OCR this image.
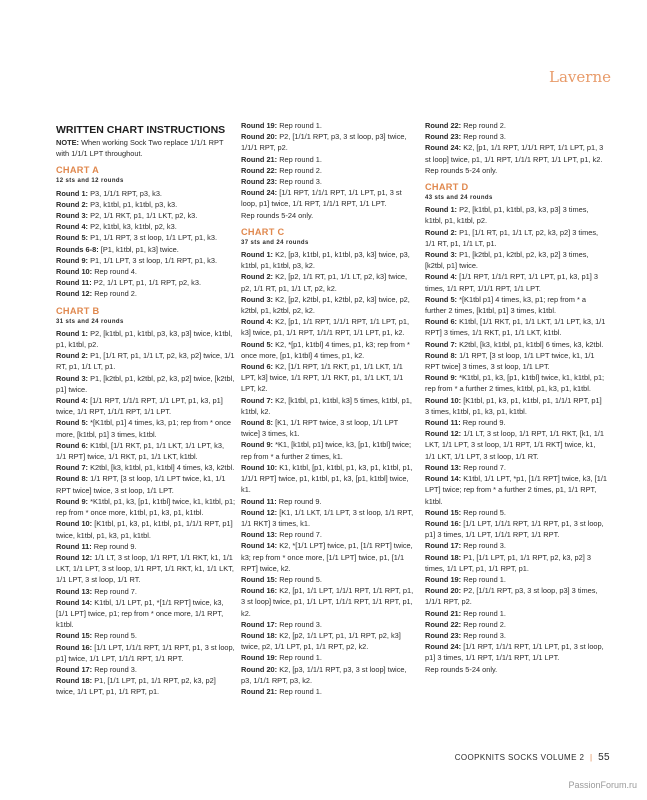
Laverne
WRITTEN CHART INSTRUCTIONS
NOTE: When working Sock Two replace 1/1/1 RPT with 1/1/1 LPT throughout.
CHART A
12 sts and 12 rounds
Round 1: P3, 1/1/1 RPT, p3, k3.
Round 2: P3, k1tbl, p1, k1tbl, p3, k3.
Round 3: P2, 1/1 RKT, p1, 1/1 LKT, p2, k3.
Round 4: P2, k1tbl, k3, k1tbl, p2, k3.
Round 5: P1, 1/1 RPT, 3 st loop, 1/1 LPT, p1, k3.
Rounds 6-8: [P1, k1tbl, p1, k3] twice.
Round 9: P1, 1/1 LPT, 3 st loop, 1/1 RPT, p1, k3.
Round 10: Rep round 4.
Round 11: P2, 1/1 LPT, p1, 1/1 RPT, p2, k3.
Round 12: Rep round 2.
CHART B
31 sts and 24 rounds
Round 1: P2, [k1tbl, p1, k1tbl, p3, k3, p3] twice, k1tbl, p1, k1tbl, p2.
Round 2: P1, [1/1 RT, p1, 1/1 LT, p2, k3, p2] twice, 1/1 RT, p1, 1/1 LT, p1.
Round 3: P1, [k2tbl, p1, k2tbl, p2, k3, p2] twice, [k2tbl, p1] twice.
Round 4: [1/1 RPT, 1/1/1 RPT, 1/1 LPT, p1, k3, p1] twice, 1/1 RPT, 1/1/1 RPT, 1/1 LPT.
Round 5: *[K1tbl, p1] 4 times, k3, p1; rep from * once more, [k1tbl, p1] 3 times, k1tbl.
Round 6: K1tbl, [1/1 RKT, p1, 1/1 LKT, 1/1 LPT, k3, 1/1 RPT] twice, 1/1 RKT, p1, 1/1 LKT, k1tbl.
Round 7: K2tbl, [k3, k1tbl, p1, k1tbl] 4 times, k3, k2tbl.
Round 8: 1/1 RPT, [3 st loop, 1/1 LPT twice, k1, 1/1 RPT twice] twice, 3 st loop, 1/1 LPT.
Round 9: *K1tbl, p1, k3, [p1, k1tbl] twice, k1, k1tbl, p1; rep from * once more, k1tbl, p1, k3, p1, k1tbl.
Round 10: [K1tbl, p1, k3, p1, k1tbl, p1, 1/1/1 RPT, p1] twice, k1tbl, p1, k3, p1, k1tbl.
Round 11: Rep round 9.
Round 12: 1/1 LT, 3 st loop, 1/1 RPT, 1/1 RKT, k1, 1/1 LKT, 1/1 LPT, 3 st loop, 1/1 RPT, 1/1 RKT, k1, 1/1 LKT, 1/1 LPT, 3 st loop, 1/1 RT.
Round 13: Rep round 7.
Round 14: K1tbl, 1/1 LPT, p1, *[1/1 RPT] twice, k3, [1/1 LPT] twice, p1; rep from * once more, 1/1 RPT, k1tbl.
Round 15: Rep round 5.
Round 16: [1/1 LPT, 1/1/1 RPT, 1/1 RPT, p1, 3 st loop, p1] twice, 1/1 LPT, 1/1/1 RPT, 1/1 RPT.
Round 17: Rep round 3.
Round 18: P1, [1/1 LPT, p1, 1/1 RPT, p2, k3, p2] twice, 1/1 LPT, p1, 1/1 RPT, p1.
Round 19: Rep round 1.
Round 20: P2, [1/1/1 RPT, p3, 3 st loop, p3] twice, 1/1/1 RPT, p2.
Round 21: Rep round 1.
Round 22: Rep round 2.
Round 23: Rep round 3.
Round 24: [1/1 RPT, 1/1/1 RPT, 1/1 LPT, p1, 3 st loop, p1] twice, 1/1 RPT, 1/1/1 RPT, 1/1 LPT.
Rep rounds 5-24 only.
CHART C
37 sts and 24 rounds
Round 1: K2, [p3, k1tbl, p1, k1tbl, p3, k3] twice, p3, k1tbl, p1, k1tbl, p3, k2.
Round 2: K2, [p2, 1/1 RT, p1, 1/1 LT, p2, k3] twice, p2, 1/1 RT, p1, 1/1 LT, p2, k2.
Round 3: K2, [p2, k2tbl, p1, k2tbl, p2, k3] twice, p2, k2tbl, p1, k2tbl, p2, k2.
Round 4: K2, [p1, 1/1 RPT, 1/1/1 RPT, 1/1 LPT, p1, k3] twice, p1, 1/1 RPT, 1/1/1 RPT, 1/1 LPT, p1, k2.
Round 5: K2, *[p1, k1tbl] 4 times, p1, k3; rep from * once more, [p1, k1tbl] 4 times, p1, k2.
Round 6: K2, [1/1 RPT, 1/1 RKT, p1, 1/1 LKT, 1/1 LPT, k3] twice, 1/1 RPT, 1/1 RKT, p1, 1/1 LKT, 1/1 LPT, k2.
Round 7: K2, [k1tbl, p1, k1tbl, k3] 5 times, k1tbl, p1, k1tbl, k2.
Round 8: [K1, 1/1 RPT twice, 3 st loop, 1/1 LPT twice] 3 times, k1.
Round 9: *K1, [k1tbl, p1] twice, k3, [p1, k1tbl] twice; rep from * a further 2 times, k1.
Round 10: K1, k1tbl, [p1, k1tbl, p1, k3, p1, k1tbl, p1, 1/1/1 RPT] twice, p1, k1tbl, p1, k3, [p1, k1tbl] twice, k1.
Round 11: Rep round 9.
Round 12: [K1, 1/1 LKT, 1/1 LPT, 3 st loop, 1/1 RPT, 1/1 RKT] 3 times, k1.
Round 13: Rep round 7.
Round 14: K2, *[1/1 LPT] twice, p1, [1/1 RPT] twice, k3; rep from * once more, [1/1 LPT] twice, p1, [1/1 RPT] twice, k2.
Round 15: Rep round 5.
Round 16: K2, [p1, 1/1 LPT, 1/1/1 RPT, 1/1 RPT, p1, 3 st loop] twice, p1, 1/1 LPT, 1/1/1 RPT, 1/1 RPT, p1, k2.
Round 17: Rep round 3.
Round 18: K2, [p2, 1/1 LPT, p1, 1/1 RPT, p2, k3] twice, p2, 1/1 LPT, p1, 1/1 RPT, p2, k2.
Round 19: Rep round 1.
Round 20: K2, [p3, 1/1/1 RPT, p3, 3 st loop] twice, p3, 1/1/1 RPT, p3, k2.
Round 21: Rep round 1.
Round 22: Rep round 2.
Round 23: Rep round 3.
Round 24: K2, [p1, 1/1 RPT, 1/1/1 RPT, 1/1 LPT, p1, 3 st loop] twice, p1, 1/1 RPT, 1/1/1 RPT, 1/1 LPT, p1, k2.
Rep rounds 5-24 only.
CHART D
43 sts and 24 rounds
Round 1: P2, [k1tbl, p1, k1tbl, p3, k3, p3] 3 times, k1tbl, p1, k1tbl, p2.
Round 2: P1, [1/1 RT, p1, 1/1 LT, p2, k3, p2] 3 times, 1/1 RT, p1, 1/1 LT, p1.
Round 3: P1, [k2tbl, p1, k2tbl, p2, k3, p2] 3 times, [k2tbl, p1] twice.
Round 4: [1/1 RPT, 1/1/1 RPT, 1/1 LPT, p1, k3, p1] 3 times, 1/1 RPT, 1/1/1 RPT, 1/1 LPT.
Round 5: *[K1tbl p1] 4 times, k3, p1; rep from * a further 2 times, [k1tbl, p1] 3 times, k1tbl.
Round 6: K1tbl, [1/1 RKT, p1, 1/1 LKT, 1/1 LPT, k3, 1/1 RPT] 3 times, 1/1 RKT, p1, 1/1 LKT, k1tbl.
Round 7: K2tbl, [k3, k1tbl, p1, k1tbl] 6 times, k3, k2tbl.
Round 8: 1/1 RPT, [3 st loop, 1/1 LPT twice, k1, 1/1 RPT twice] 3 times, 3 st loop, 1/1 LPT.
Round 9: *K1tbl, p1, k3, [p1, k1tbl] twice, k1, k1tbl, p1; rep from * a further 2 times, k1tbl, p1, k3, p1, k1tbl.
Round 10: [K1tbl, p1, k3, p1, k1tbl, p1, 1/1/1 RPT, p1] 3 times, k1tbl, p1, k3, p1, k1tbl.
Round 11: Rep round 9.
Round 12: 1/1 LT, 3 st loop, 1/1 RPT, 1/1 RKT, [k1, 1/1 LKT, 1/1 LPT, 3 st loop, 1/1 RPT, 1/1 RKT] twice, k1, 1/1 LKT, 1/1 LPT, 3 st loop, 1/1 RT.
Round 13: Rep round 7.
Round 14: K1tbl, 1/1 LPT, *p1, [1/1 RPT] twice, k3, [1/1 LPT] twice; rep from * a further 2 times, p1, 1/1 RPT, k1tbl.
Round 15: Rep round 5.
Round 16: [1/1 LPT, 1/1/1 RPT, 1/1 RPT, p1, 3 st loop, p1] 3 times, 1/1 LPT, 1/1/1 RPT, 1/1 RPT.
Round 17: Rep round 3.
Round 18: P1, [1/1 LPT, p1, 1/1 RPT, p2, k3, p2] 3 times, 1/1 LPT, p1, 1/1 RPT, p1.
Round 19: Rep round 1.
Round 20: P2, [1/1/1 RPT, p3, 3 st loop, p3] 3 times, 1/1/1 RPT, p2.
Round 21: Rep round 1.
Round 22: Rep round 2.
Round 23: Rep round 3.
Round 24: [1/1 RPT, 1/1/1 RPT, 1/1 LPT, p1, 3 st loop, p1] 3 times, 1/1 RPT, 1/1/1 RPT, 1/1 LPT.
Rep rounds 5-24 only.
COOPKNITS SOCKS VOLUME 2 | 55
PassionForum.ru
